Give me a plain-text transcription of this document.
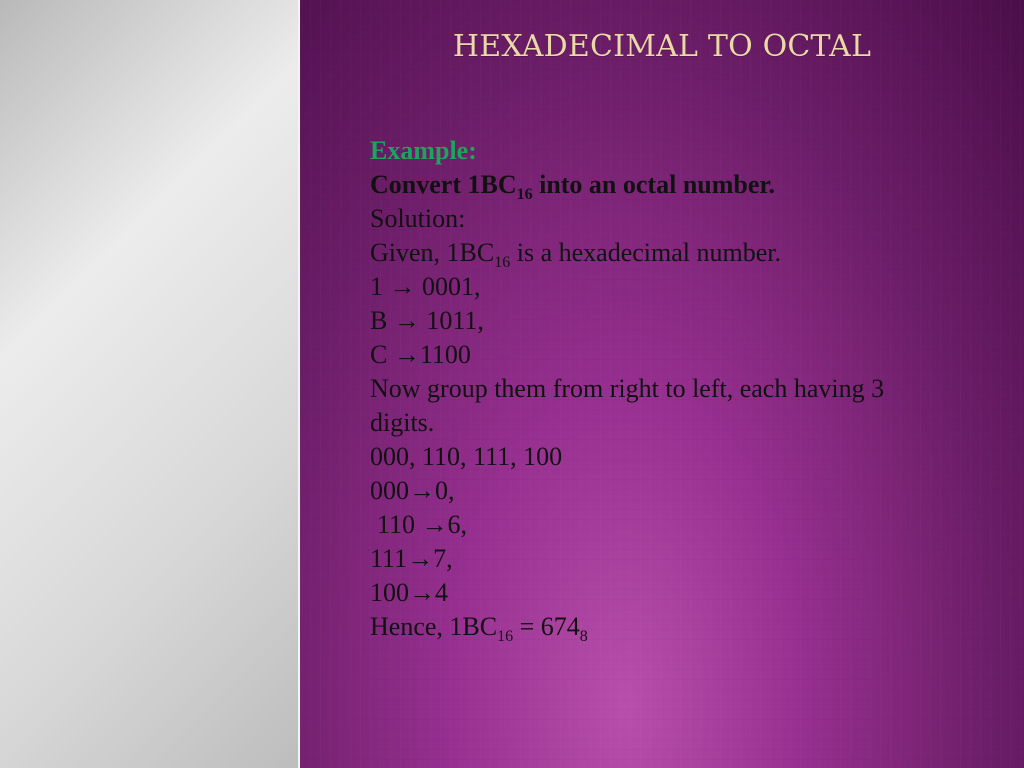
HEXADECIMAL TO OCTAL
Example:
Convert $1BC_{16}$ into an octal number.
Solution:
Given, $1BC_{16}$ is a hexadecimal number.
1 → 0001,
B → 1011,
C →1100
Now group them from right to left, each having 3 digits.
000, 110, 111, 100
000→0,
110 →6,
111→7,
100→4
Hence, $1BC_{16} = 674_8$
